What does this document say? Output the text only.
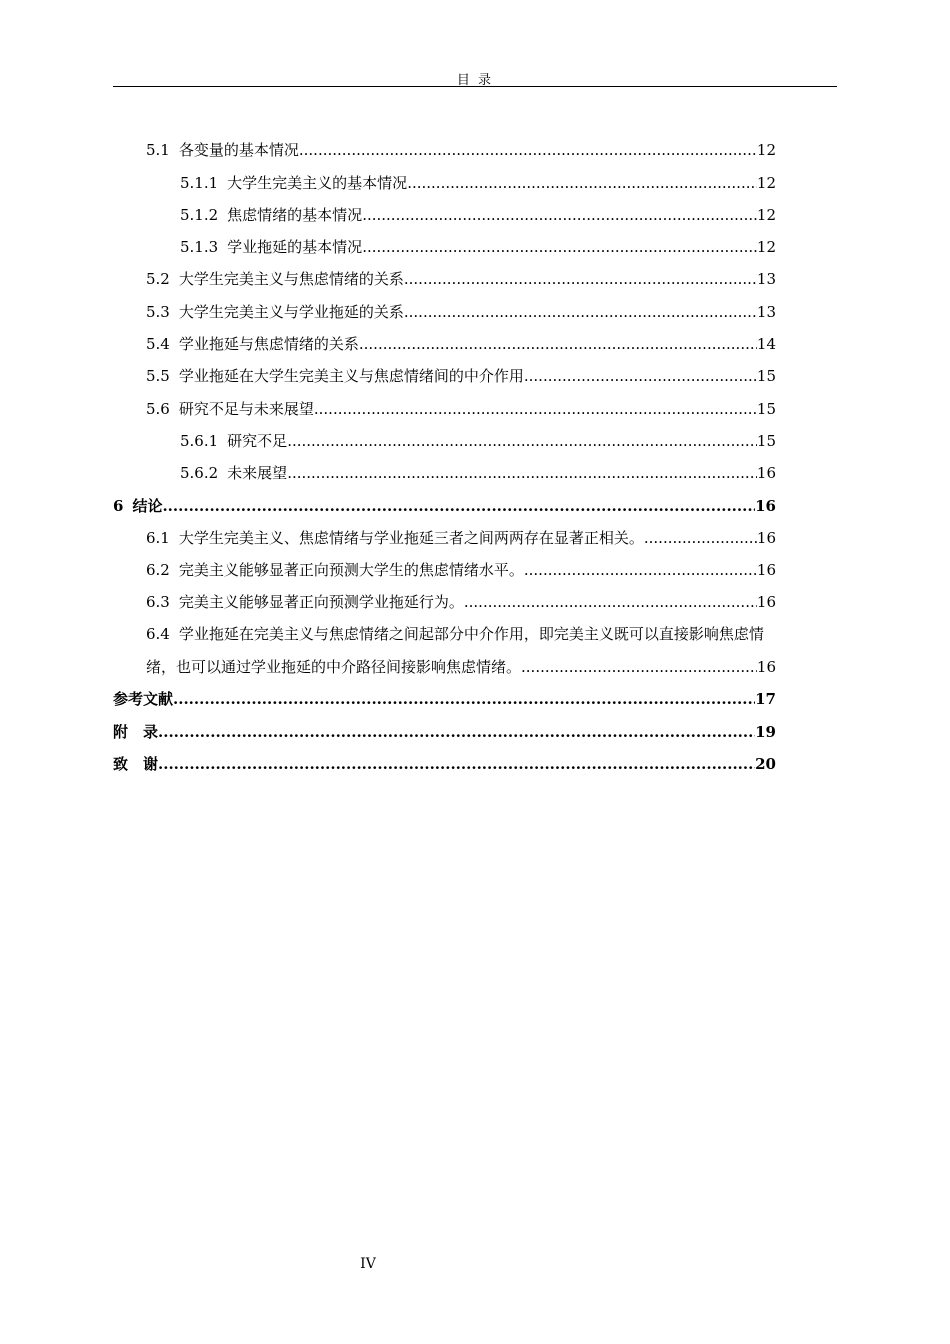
目 录
5.1 各变量的基本情况 .....	12
5.1.1 大学生完美主义的基本情况 .....	12
5.1.2 焦虑情绪的基本情况 .....	12
5.1.3 学业拖延的基本情况 .....	12
5.2 大学生完美主义与焦虑情绪的关系 .....	13
5.3 大学生完美主义与学业拖延的关系 .....	13
5.4 学业拖延与焦虑情绪的关系 .....	14
5.5 学业拖延在大学生完美主义与焦虑情绪间的中介作用 .....	15
5.6 研究不足与未来展望 .....	15
5.6.1 研究不足 .....	15
5.6.2 未来展望 .....	16
6 结论 .....	16
6.1 大学生完美主义、焦虑情绪与学业拖延三者之间两两存在显著正相关。 .....	16
6.2 完美主义能够显著正向预测大学生的焦虑情绪水平。 .....	16
6.3 完美主义能够显著正向预测学业拖延行为。 .....	16
6.4 学业拖延在完美主义与焦虑情绪之间起部分中介作用，即完美主义既可以直接影响焦虑情
绪，也可以通过学业拖延的中介路径间接影响焦虑情绪。 .....	16
参考文献 .....	17
附　录 .....	19
致　谢 .....	20
IV
